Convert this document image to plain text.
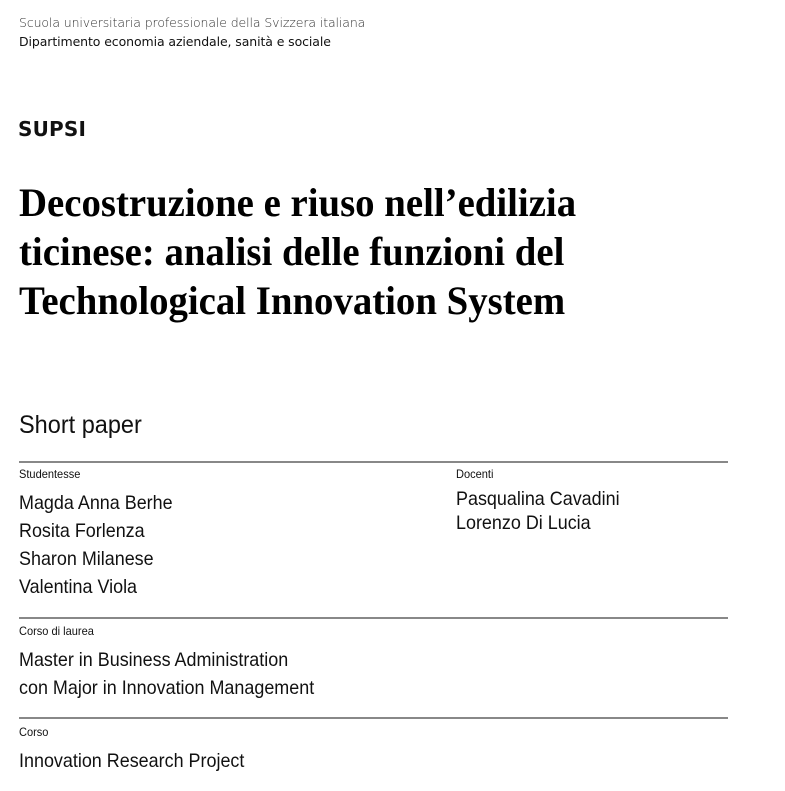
Scuola universitaria professionale della Svizzera italiana
Dipartimento economia aziendale, sanità e sociale
SUPSI
Decostruzione e riuso nell’edilizia
ticinese: analisi delle funzioni del
Technological Innovation System
Short paper
Studentesse
Magda Anna Berhe
Rosita Forlenza
Sharon Milanese
Valentina Viola
Docenti
Pasqualina Cavadini
Lorenzo Di Lucia
Corso di laurea
Master in Business Administration
con Major in Innovation Management
Corso
Innovation Research Project
